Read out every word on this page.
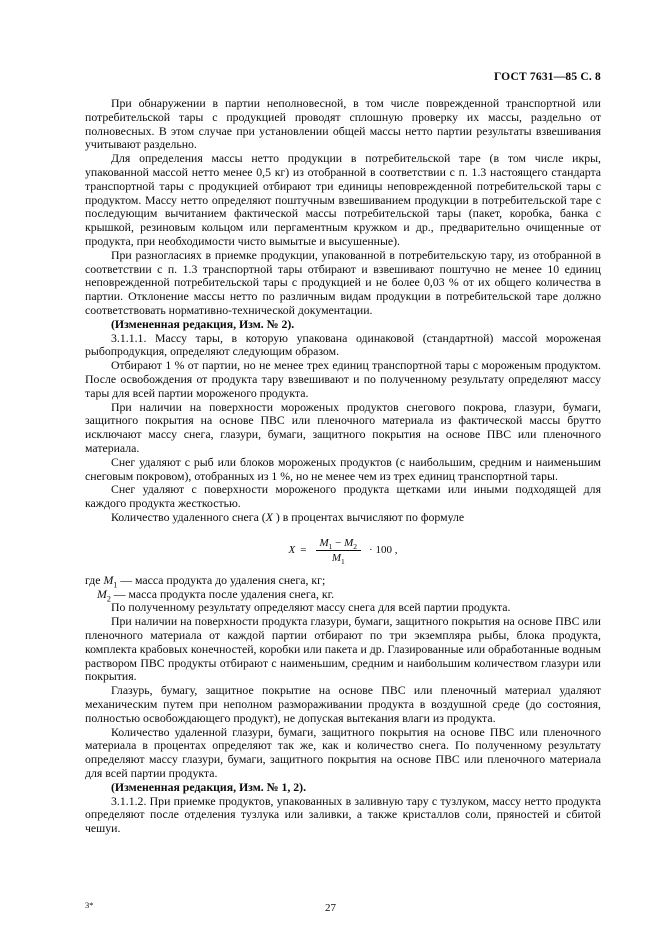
ГОСТ 7631—85 С. 8

При обнаружении в партии неполновесной, в том числе поврежденной транспортной или потребительской тары с продукцией проводят сплошную проверку их массы, раздельно от полновесных. В этом случае при установлении общей массы нетто партии результаты взвешивания учитывают раздельно.

Для определения массы нетто продукции в потребительской таре (в том числе икры, упакованной массой нетто менее 0,5 кг) из отобранной в соответствии с п. 1.3 настоящего стандарта транспортной тары с продукцией отбирают три единицы неповрежденной потребительской тары с продуктом. Массу нетто определяют поштучным взвешиванием продукции в потребительской таре с последующим вычитанием фактической массы потребительской тары (пакет, коробка, банка с крышкой, резиновым кольцом или пергаментным кружком и др., предварительно очищенные от продукта, при необходимости чисто вымытые и высушенные).

При разногласиях в приемке продукции, упакованной в потребительскую тару, из отобранной в соответствии с п. 1.3 транспортной тары отбирают и взвешивают поштучно не менее 10 единиц неповрежденной потребительской тары с продукцией и не более 0,03 % от их общего количества в партии. Отклонение массы нетто по различным видам продукции в потребительской таре должно соответствовать нормативно-технической документации.

(Измененная редакция, Изм. № 2).

3.1.1.1. Массу тары, в которую упакована одинаковой (стандартной) массой мороженая рыбопродукция, определяют следующим образом.

Отбирают 1 % от партии, но не менее трех единиц транспортной тары с мороженым продуктом. После освобождения от продукта тару взвешивают и по полученному результату определяют массу тары для всей партии мороженого продукта.

При наличии на поверхности мороженых продуктов снегового покрова, глазури, бумаги, защитного покрытия на основе ПВС или пленочного материала из фактической массы брутто исключают массу снега, глазури, бумаги, защитного покрытия на основе ПВС или пленочного материала.

Снег удаляют с рыб или блоков мороженых продуктов (с наибольшим, средним и наименьшим снеговым покровом), отобранных из 1 %, но не менее чем из трех единиц транспортной тары.

Снег удаляют с поверхности мороженого продукта щетками или иными подходящей для каждого продукта жесткостью.

Количество удаленного снега (X ) в процентах вычисляют по формуле

$X = \frac{M_1 - M_2}{M_1} \cdot 100$ ,

где $M_1$ — масса продукта до удаления снега, кг;

$M_2$ — масса продукта после удаления снега, кг.

По полученному результату определяют массу снега для всей партии продукта.

При наличии на поверхности продукта глазури, бумаги, защитного покрытия на основе ПВС или пленочного материала от каждой партии отбирают по три экземпляра рыбы, блока продукта, комплекта крабовых конечностей, коробки или пакета и др. Глазированные или обработанные водным раствором ПВС продукты отбирают с наименьшим, средним и наибольшим количеством глазури или покрытия.

Глазурь, бумагу, защитное покрытие на основе ПВС или пленочный материал удаляют механическим путем при неполном размораживании продукта в воздушной среде (до состояния, полностью освобождающего продукт), не допуская вытекания влаги из продукта.

Количество удаленной глазури, бумаги, защитного покрытия на основе ПВС или пленочного материала в процентах определяют так же, как и количество снега. По полученному результату определяют массу глазури, бумаги, защитного покрытия на основе ПВС или пленочного материала для всей партии продукта.

(Измененная редакция, Изм. № 1, 2).

3.1.1.2. При приемке продуктов, упакованных в заливную тару с тузлуком, массу нетто продукта определяют после отделения тузлука или заливки, а также кристаллов соли, пряностей и сбитой чешуи.

3*	27
